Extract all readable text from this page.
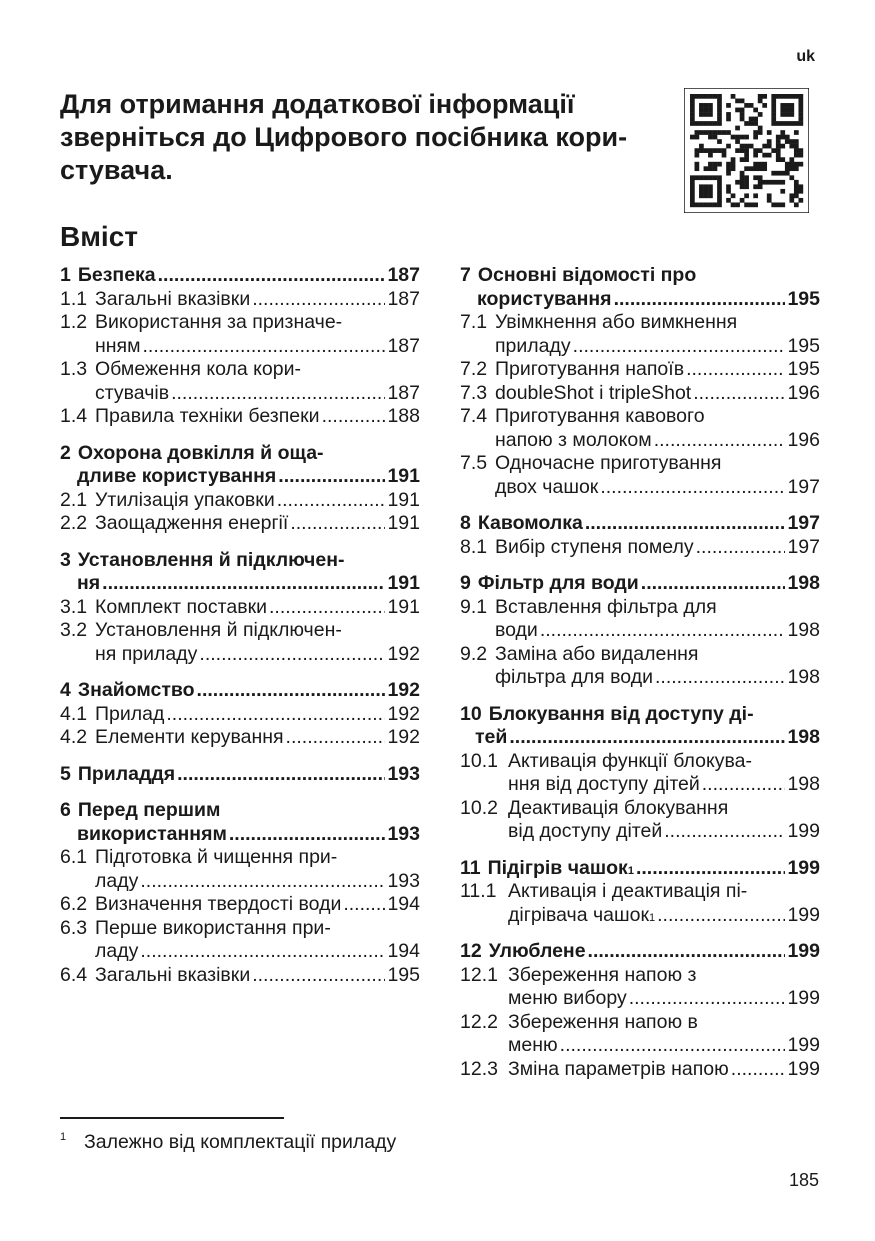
uk
Для отримання додаткової інформації
зверніться до Цифрового посібника кори-
стувача.
Вміст
1 Безпека .....	187
1.1 Загальні вказівки .....	187
1.2 Використання за призначе-
нням .....	187
1.3 Обмеження кола кори-
стувачів .....	187
1.4 Правила техніки безпеки .....	188
2 Охорона довкілля й оща-
дливе користування .....	191
2.1 Утилізація упаковки .....	191
2.2 Заощадження енергії .....	191
3 Установлення й підключен-
ня .....	191
3.1 Комплект поставки .....	191
3.2 Установлення й підключен-
ня приладу .....	192
4 Знайомство .....	192
4.1 Прилад .....	192
4.2 Елементи керування .....	192
5 Приладдя .....	193
6 Перед першим
використанням .....	193
6.1 Підготовка й чищення при-
ладу .....	193
6.2 Визначення твердості води ..... 194
6.3 Перше використання при-
ладу .....	194
6.4 Загальні вказівки .....	195
7 Основні відомості про
користування .....	195
7.1 Увімкнення або вимкнення
приладу .....	195
7.2 Приготування напоїв .....	195
7.3 doubleShot і tripleShot .....	196
7.4 Приготування кавового
напою з молоком .....	196
7.5 Одночасне приготування
двох чашок .....	197
8 Кавомолка .....	197
8.1 Вибір ступеня помелу .....	197
9 Фільтр для води .....	198
9.1 Вставлення фільтра для
води .....	198
9.2 Заміна або видалення
фільтра для води .....	198
10 Блокування від доступу ді-
тей .....	198
10.1 Активація функції блокува-
ння від доступу дітей .....	198
10.2 Деактивація блокування
від доступу дітей .....	199
11 Підігрів чашок 1 .....	199
11.1 Активація і деактивація пі-
дігрівача чашок 1 .....	199
12 Улюблене .....	199
12.1 Збереження напою з
меню вибору .....	199
12.2 Збереження напою в
меню .....	199
12.3 Зміна параметрів напою .....	199
1 Залежно від комплектації приладу
185
